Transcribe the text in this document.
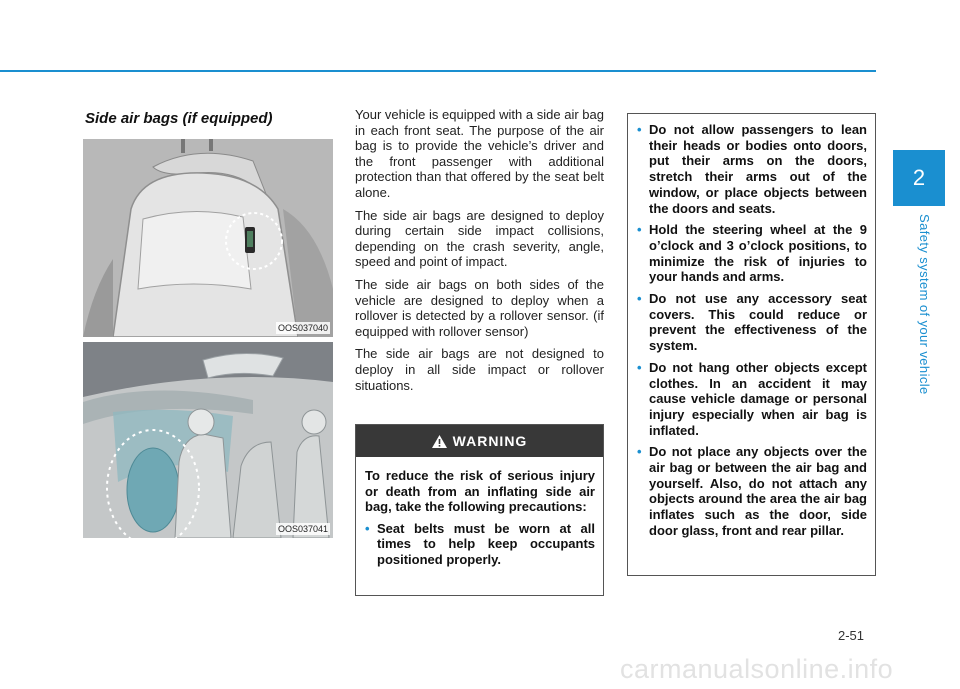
2
Safety system of your vehicle
Side air bags (if equipped)
OOS037040
OOS037041

Your vehicle is equipped with a side air bag in each front seat. The purpose of the air bag is to provide the vehicle’s driver and the front passenger with additional protection than that offered by the seat belt alone.

The side air bags are designed to deploy during certain side impact collisions, depending on the crash severity, angle, speed and point of impact.

The side air bags on both sides of the vehicle are designed to deploy when a rollover is detected by a rollover sensor. (if equipped with rollover sensor)

The side air bags are not designed to deploy in all side impact or rollover situations.

WARNING

To reduce the risk of serious injury or death from an inflating side air bag, take the following precautions:

• Seat belts must be worn at all times to help keep occupants positioned properly.
• Do not allow passengers to lean their heads or bodies onto doors, put their arms on the doors, stretch their arms out of the window, or place objects between the doors and seats.
• Hold the steering wheel at the 9 o’clock and 3 o’clock positions, to minimize the risk of injuries to your hands and arms.
• Do not use any accessory seat covers. This could reduce or prevent the effectiveness of the system.
• Do not hang other objects except clothes. In an accident it may cause vehicle damage or personal injury especially when air bag is inflated.
• Do not place any objects over the air bag or between the air bag and yourself. Also, do not attach any objects around the area the air bag inflates such as the door, side door glass, front and rear pillar.
2-51
carmanualsonline.info
